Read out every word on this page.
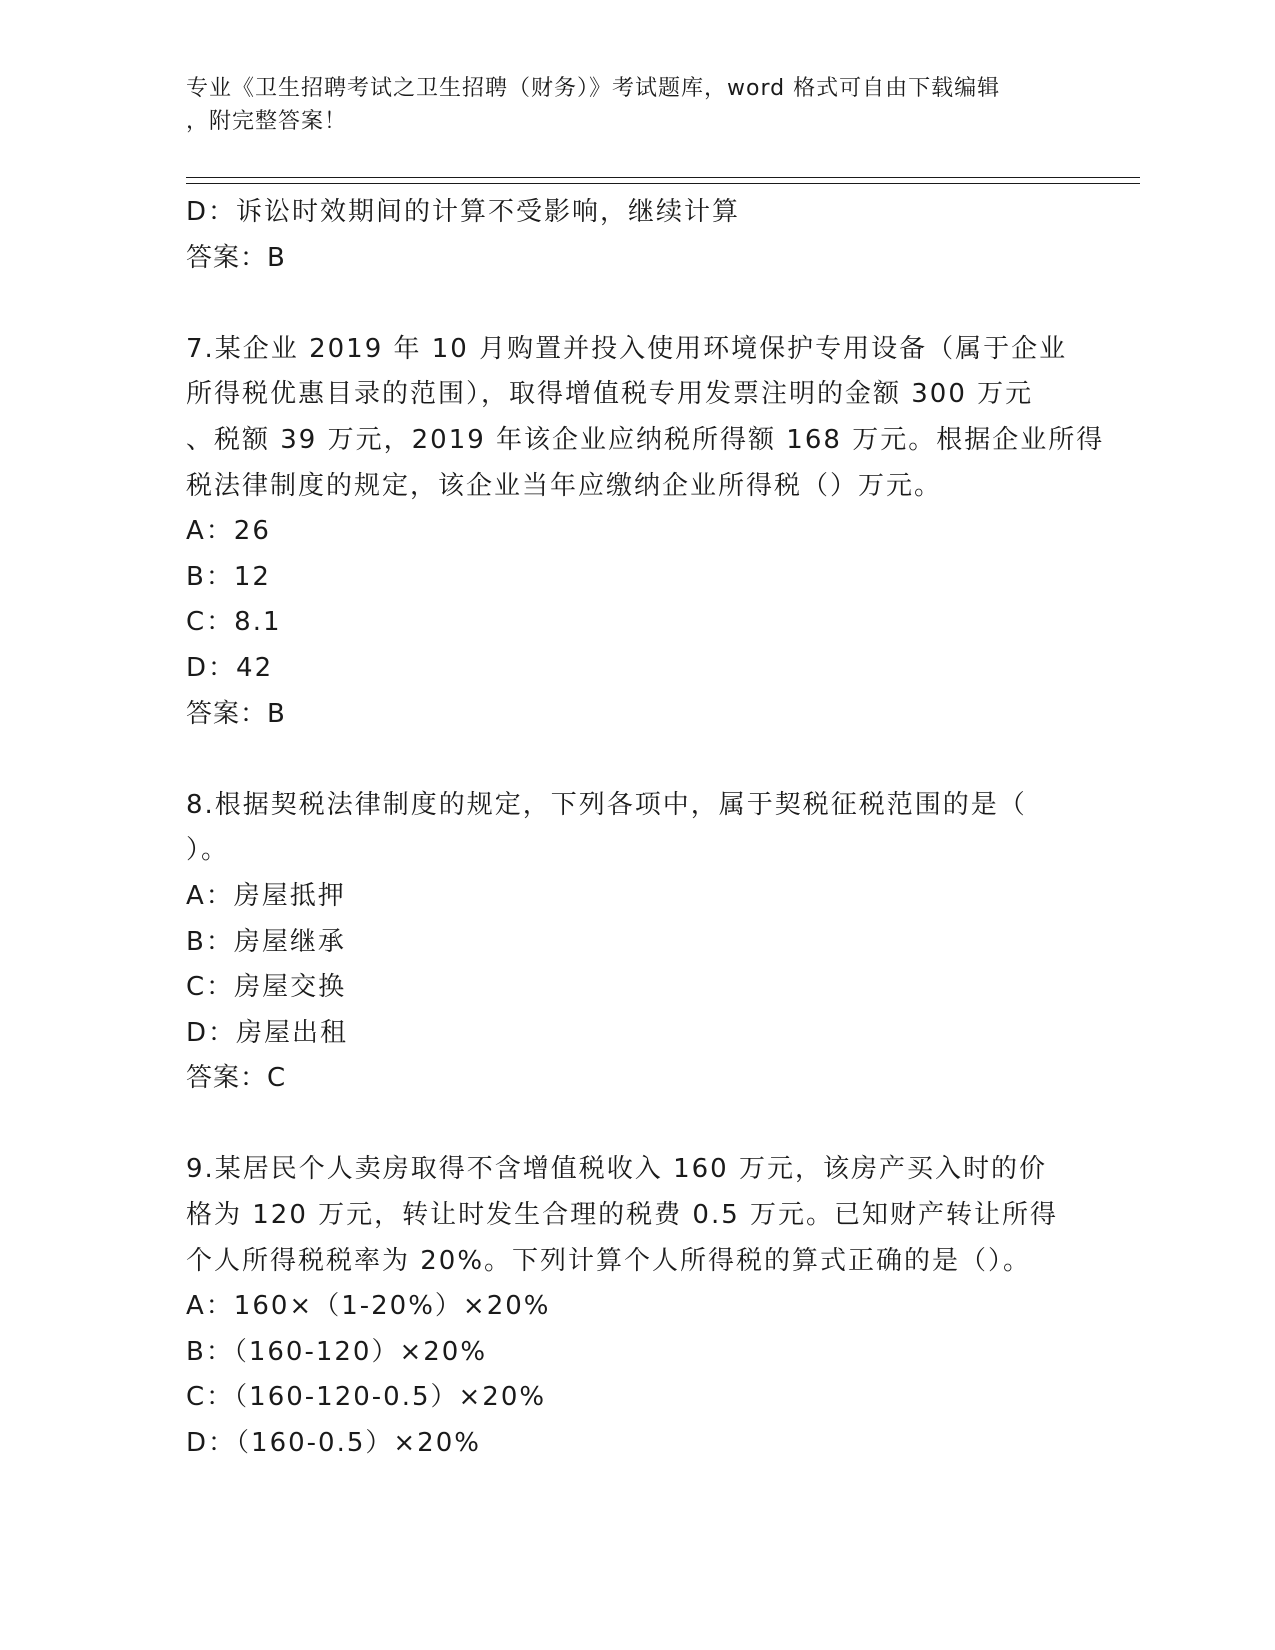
专业《卫生招聘考试之卫生招聘（财务）》考试题库，word 格式可自由下载编辑
，附完整答案！
D：诉讼时效期间的计算不受影响，继续计算
答案：B
7.某企业 2019 年 10 月购置并投入使用环境保护专用设备（属于企业
所得税优惠目录的范围），取得增值税专用发票注明的金额 300 万元
、税额 39 万元，2019 年该企业应纳税所得额 168 万元。根据企业所得
税法律制度的规定，该企业当年应缴纳企业所得税（）万元。
A：26
B：12
C：8.1
D：42
答案：B
8.根据契税法律制度的规定，下列各项中，属于契税征税范围的是（
）。
A：房屋抵押
B：房屋继承
C：房屋交换
D：房屋出租
答案：C
9.某居民个人卖房取得不含增值税收入 160 万元，该房产买入时的价
格为 120 万元，转让时发生合理的税费 0.5 万元。已知财产转让所得
个人所得税税率为 20%。下列计算个人所得税的算式正确的是（）。
A：160×（1-20%）×20%
B：（160-120）×20%
C：（160-120-0.5）×20%
D：（160-0.5）×20%
